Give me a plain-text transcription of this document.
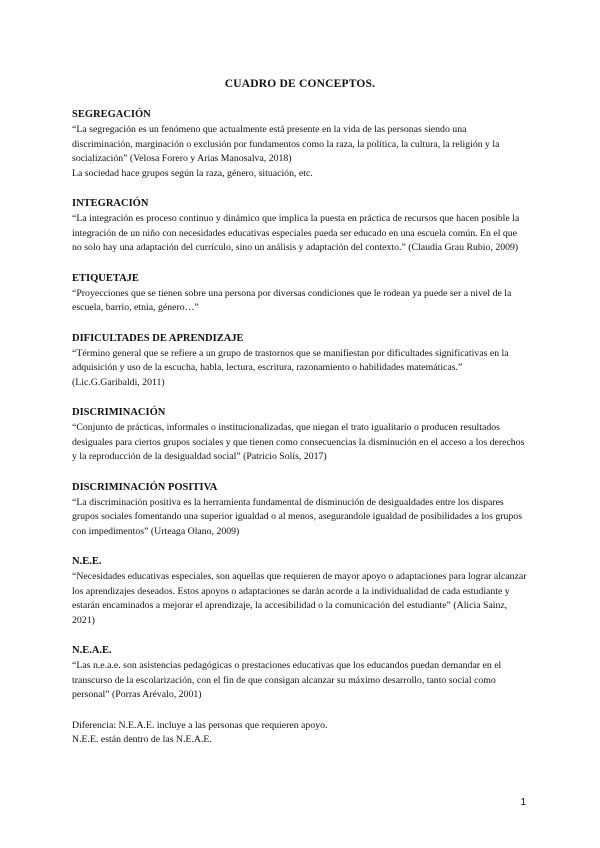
CUADRO DE CONCEPTOS.
SEGREGACIÓN

“La segregación es un fenómeno que actualmente está presente en la vida de las personas siendo una discriminación, marginación o exclusión por fundamentos como la raza, la política, la cultura, la religión y la socialización” (Velosa Forero y Arias Manosalva, 2018)

La sociedad hace grupos según la raza, género, situación, etc.

INTEGRACIÓN

“La integración es proceso continuo y dinámico que implica la puesta en práctica de recursos que hacen posible la integración de un niño con necesidades educativas especiales pueda ser educado en una escuela común. En el que no solo hay una adaptación del currículo, sino un análisis y adaptación del contexto.” (Claudia Grau Rubio, 2009)

ETIQUETAJE

“Proyecciones que se tienen sobre una persona por diversas condiciones que le rodean ya puede ser a nivel de la escuela, barrio, etnia, género…”

DIFICULTADES DE APRENDIZAJE

“Término general que se refiere a un grupo de trastornos que se manifiestan por dificultades significativas en la adquisición y uso de la escucha, habla, lectura, escritura, razonamiento o habilidades matemáticas.” (Lic.G.Garibaldi, 2011)

DISCRIMINACIÓN

“Conjunto de prácticas, informales o institucionalizadas, que niegan el trato igualitario o producen resultados desiguales para ciertos grupos sociales y que tienen como consecuencias la disminución en el acceso a los derechos y la reproducción de la desigualdad social” (Patricio Solís, 2017)

DISCRIMINACIÓN POSITIVA

“La discriminación positiva es la herramienta fundamental de disminución de desigualdades entre los dispares grupos sociales fomentando una superior igualdad o al menos, asegurandole igualdad de posibilidades a los grupos con impedimentos” (Urteaga Olano, 2009)

N.E.E.

“Necesidades educativas especiales, son aquellas que requieren de mayor apoyo o adaptaciones para lograr alcanzar los aprendizajes deseados. Estos apoyos o adaptaciones se darán acorde a la individualidad de cada estudiante y estarán encaminados a mejorar el aprendizaje, la accesibilidad o la comunicación del estudiante” (Alicia Sainz, 2021)

N.E.A.E.

“Las n.e.a.e. son asistencias pedagógicas o prestaciones educativas que los educandos puedan demandar en el transcurso de la escolarización, con el fin de que consigan alcanzar su máximo desarrollo, tanto social como personal” (Porras Arévalo, 2001)

Diferencia: N.E.A.E. incluye a las personas que requieren apoyo.

N.E.E. están dentro de las N.E.A.E.

1
